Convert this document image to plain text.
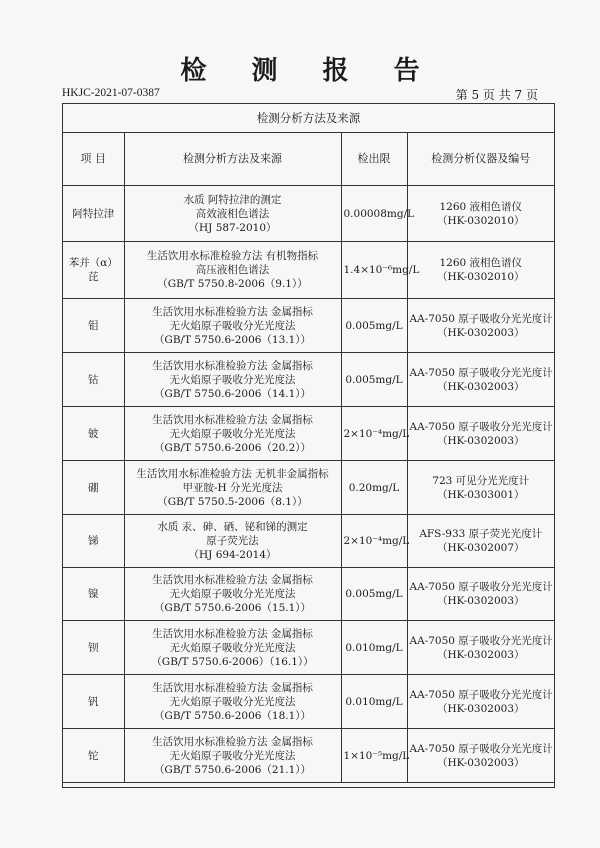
检 测 报 告
HKJC-2021-07-0387	第 5 页 共 7 页
检测分析方法及来源
项 目	检测分析方法及来源	检出限	检测分析仪器及编号
阿特拉津	水质 阿特拉津的测定
高效液相色谱法
（HJ 587-2010）	0.00008mg/L	1260 液相色谱仪
（HK-0302010）

苯并（α）芘	生活饮用水标准检验方法 有机物指标
高压液相色谱法
（GB/T 5750.8-2006（9.1））	1.4×10⁻⁶mg/L	1260 液相色谱仪
（HK-0302010）

钼	生活饮用水标准检验方法 金属指标
无火焰原子吸收分光光度法
（GB/T 5750.6-2006（13.1））	0.005mg/L	AA-7050 原子吸收分光光度计
（HK-0302003）

钴	生活饮用水标准检验方法 金属指标
无火焰原子吸收分光光度法
（GB/T 5750.6-2006（14.1））	0.005mg/L	AA-7050 原子吸收分光光度计
（HK-0302003）

铍	生活饮用水标准检验方法 金属指标
无火焰原子吸收分光光度法
（GB/T 5750.6-2006（20.2））	2×10⁻⁴mg/L	AA-7050 原子吸收分光光度计
（HK-0302003）

硼	生活饮用水标准检验方法 无机非金属指标
甲亚胺-H 分光光度法
（GB/T 5750.5-2006（8.1））	0.20mg/L	723 可见分光光度计
（HK-0303001）

锑	水质 汞、砷、硒、铋和锑的测定
原子荧光法
（HJ 694-2014）	2×10⁻⁴mg/L	AFS-933 原子荧光光度计
（HK-0302007）

镍	生活饮用水标准检验方法 金属指标
无火焰原子吸收分光光度法
（GB/T 5750.6-2006（15.1））	0.005mg/L	AA-7050 原子吸收分光光度计
（HK-0302003）

钡	生活饮用水标准检验方法 金属指标
无火焰原子吸收分光光度法
（GB/T 5750.6-2006）（16.1））	0.010mg/L	AA-7050 原子吸收分光光度计
（HK-0302003）

钒	生活饮用水标准检验方法 金属指标
无火焰原子吸收分光光度法
（GB/T 5750.6-2006（18.1））	0.010mg/L	AA-7050 原子吸收分光光度计
（HK-0302003）

铊	生活饮用水标准检验方法 金属指标
无火焰原子吸收分光光度法
（GB/T 5750.6-2006（21.1））	1×10⁻⁵mg/L	AA-7050 原子吸收分光光度计
（HK-0302003）
